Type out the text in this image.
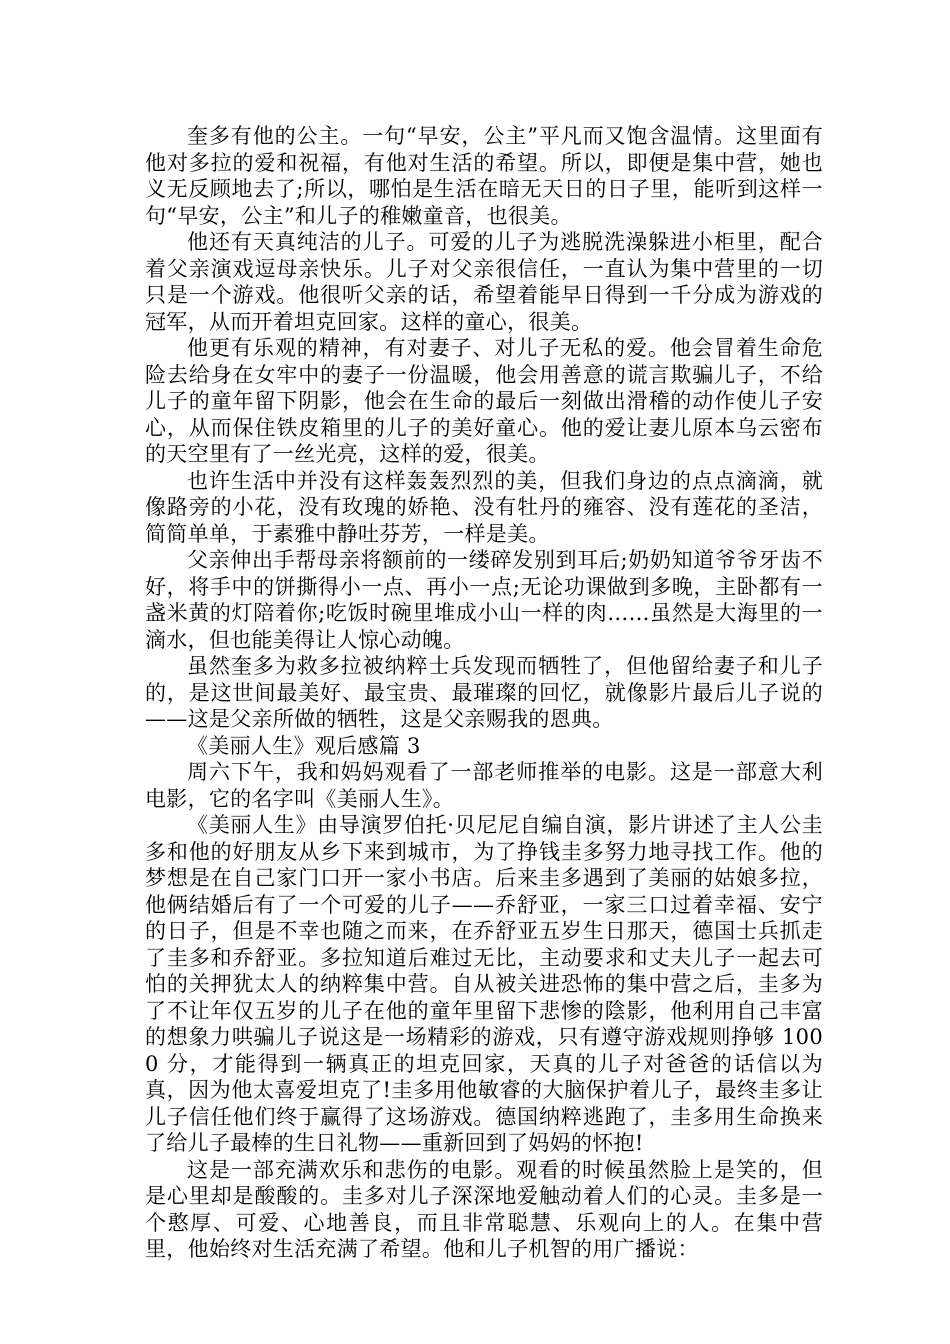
奎多有他的公主。一句“早安，公主”平凡而又饱含温情。这里面有他对多拉的爱和祝福，有他对生活的希望。所以，即便是集中营，她也义无反顾地去了;所以，哪怕是生活在暗无天日的日子里，能听到这样一句“早安，公主”和儿子的稚嫩童音，也很美。

他还有天真纯洁的儿子。可爱的儿子为逃脱洗澡躲进小柜里，配合着父亲演戏逗母亲快乐。儿子对父亲很信任，一直认为集中营里的一切只是一个游戏。他很听父亲的话，希望着能早日得到一千分成为游戏的冠军，从而开着坦克回家。这样的童心，很美。

他更有乐观的精神，有对妻子、对儿子无私的爱。他会冒着生命危险去给身在女牢中的妻子一份温暖，他会用善意的谎言欺骗儿子，不给儿子的童年留下阴影，他会在生命的最后一刻做出滑稽的动作使儿子安心，从而保住铁皮箱里的儿子的美好童心。他的爱让妻儿原本乌云密布的天空里有了一丝光亮，这样的爱，很美。

也许生活中并没有这样轰轰烈烈的美，但我们身边的点点滴滴，就像路旁的小花，没有玫瑰的娇艳、没有牡丹的雍容、没有莲花的圣洁，简简单单，于素雅中静吐芬芳，一样是美。

父亲伸出手帮母亲将额前的一缕碎发别到耳后;奶奶知道爷爷牙齿不好，将手中的饼撕得小一点、再小一点;无论功课做到多晚，主卧都有一盏米黄的灯陪着你;吃饭时碗里堆成小山一样的肉……虽然是大海里的一滴水，但也能美得让人惊心动魄。

虽然奎多为救多拉被纳粹士兵发现而牺牲了，但他留给妻子和儿子的，是这世间最美好、最宝贵、最璀璨的回忆，就像影片最后儿子说的——这是父亲所做的牺牲，这是父亲赐我的恩典。

《美丽人生》观后感篇 3

周六下午，我和妈妈观看了一部老师推举的电影。这是一部意大利电影，它的名字叫《美丽人生》。

《美丽人生》由导演罗伯托·贝尼尼自编自演，影片讲述了主人公圭多和他的好朋友从乡下来到城市，为了挣钱圭多努力地寻找工作。他的梦想是在自己家门口开一家小书店。后来圭多遇到了美丽的姑娘多拉，他俩结婚后有了一个可爱的儿子——乔舒亚，一家三口过着幸福、安宁的日子，但是不幸也随之而来，在乔舒亚五岁生日那天，德国士兵抓走了圭多和乔舒亚。多拉知道后难过无比，主动要求和丈夫儿子一起去可怕的关押犹太人的纳粹集中营。自从被关进恐怖的集中营之后，圭多为了不让年仅五岁的儿子在他的童年里留下悲惨的陰影，他利用自己丰富的想象力哄骗儿子说这是一场精彩的游戏，只有遵守游戏规则挣够 1000 分，才能得到一辆真正的坦克回家，天真的儿子对爸爸的话信以为真，因为他太喜爱坦克了!圭多用他敏睿的大脑保护着儿子，最终圭多让儿子信任他们终于赢得了这场游戏。德国纳粹逃跑了，圭多用生命换来了给儿子最棒的生日礼物——重新回到了妈妈的怀抱!

这是一部充满欢乐和悲伤的电影。观看的时候虽然脸上是笑的，但是心里却是酸酸的。圭多对儿子深深地爱触动着人们的心灵。圭多是一个憨厚、可爱、心地善良，而且非常聪慧、乐观向上的人。在集中营里，他始终对生活充满了希望。他和儿子机智的用广播说：
